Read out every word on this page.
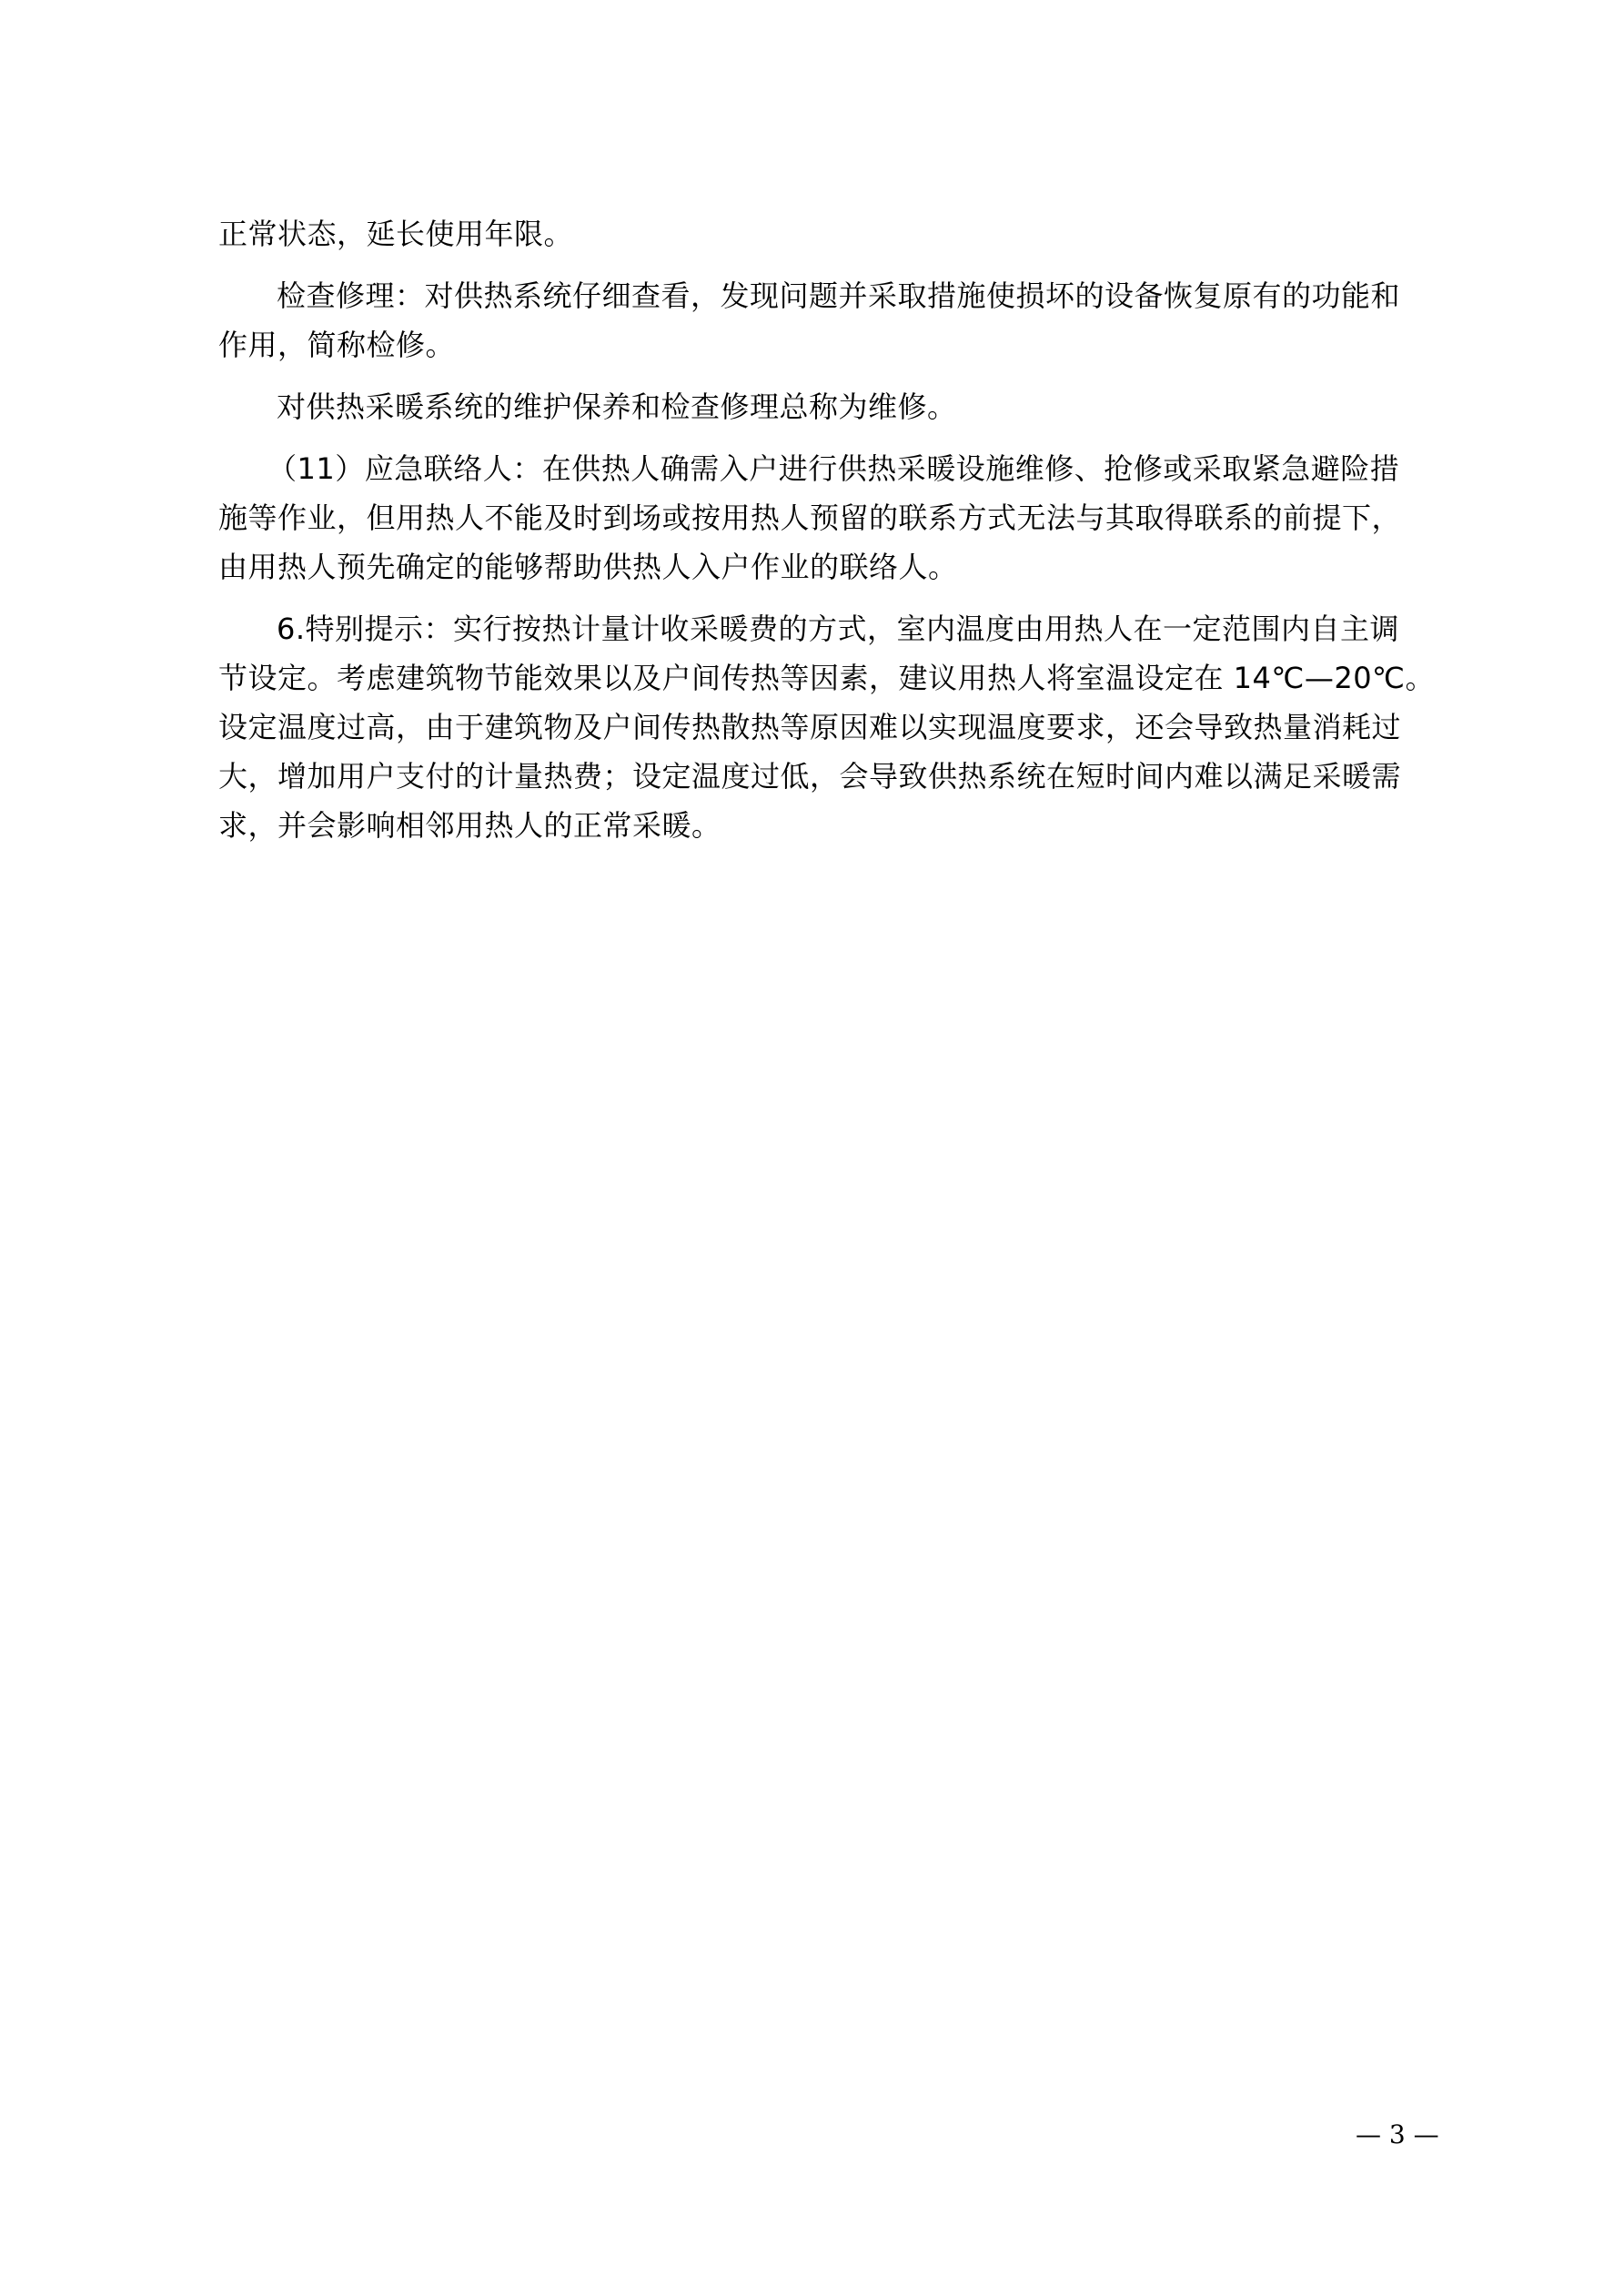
正常状态，延长使用年限。
检查修理：对供热系统仔细查看，发现问题并采取措施使损坏的设备恢复原有的功能和
作用，简称检修。
对供热采暖系统的维护保养和检查修理总称为维修。
（11）应急联络人：在供热人确需入户进行供热采暖设施维修、抢修或采取紧急避险措
施等作业，但用热人不能及时到场或按用热人预留的联系方式无法与其取得联系的前提下，
由用热人预先确定的能够帮助供热人入户作业的联络人。
6.特别提示：实行按热计量计收采暖费的方式，室内温度由用热人在一定范围内自主调
节设定。考虑建筑物节能效果以及户间传热等因素，建议用热人将室温设定在 14℃—20℃。
设定温度过高，由于建筑物及户间传热散热等原因难以实现温度要求，还会导致热量消耗过
大，增加用户支付的计量热费；设定温度过低，会导致供热系统在短时间内难以满足采暖需
求，并会影响相邻用热人的正常采暖。
— 3 —
